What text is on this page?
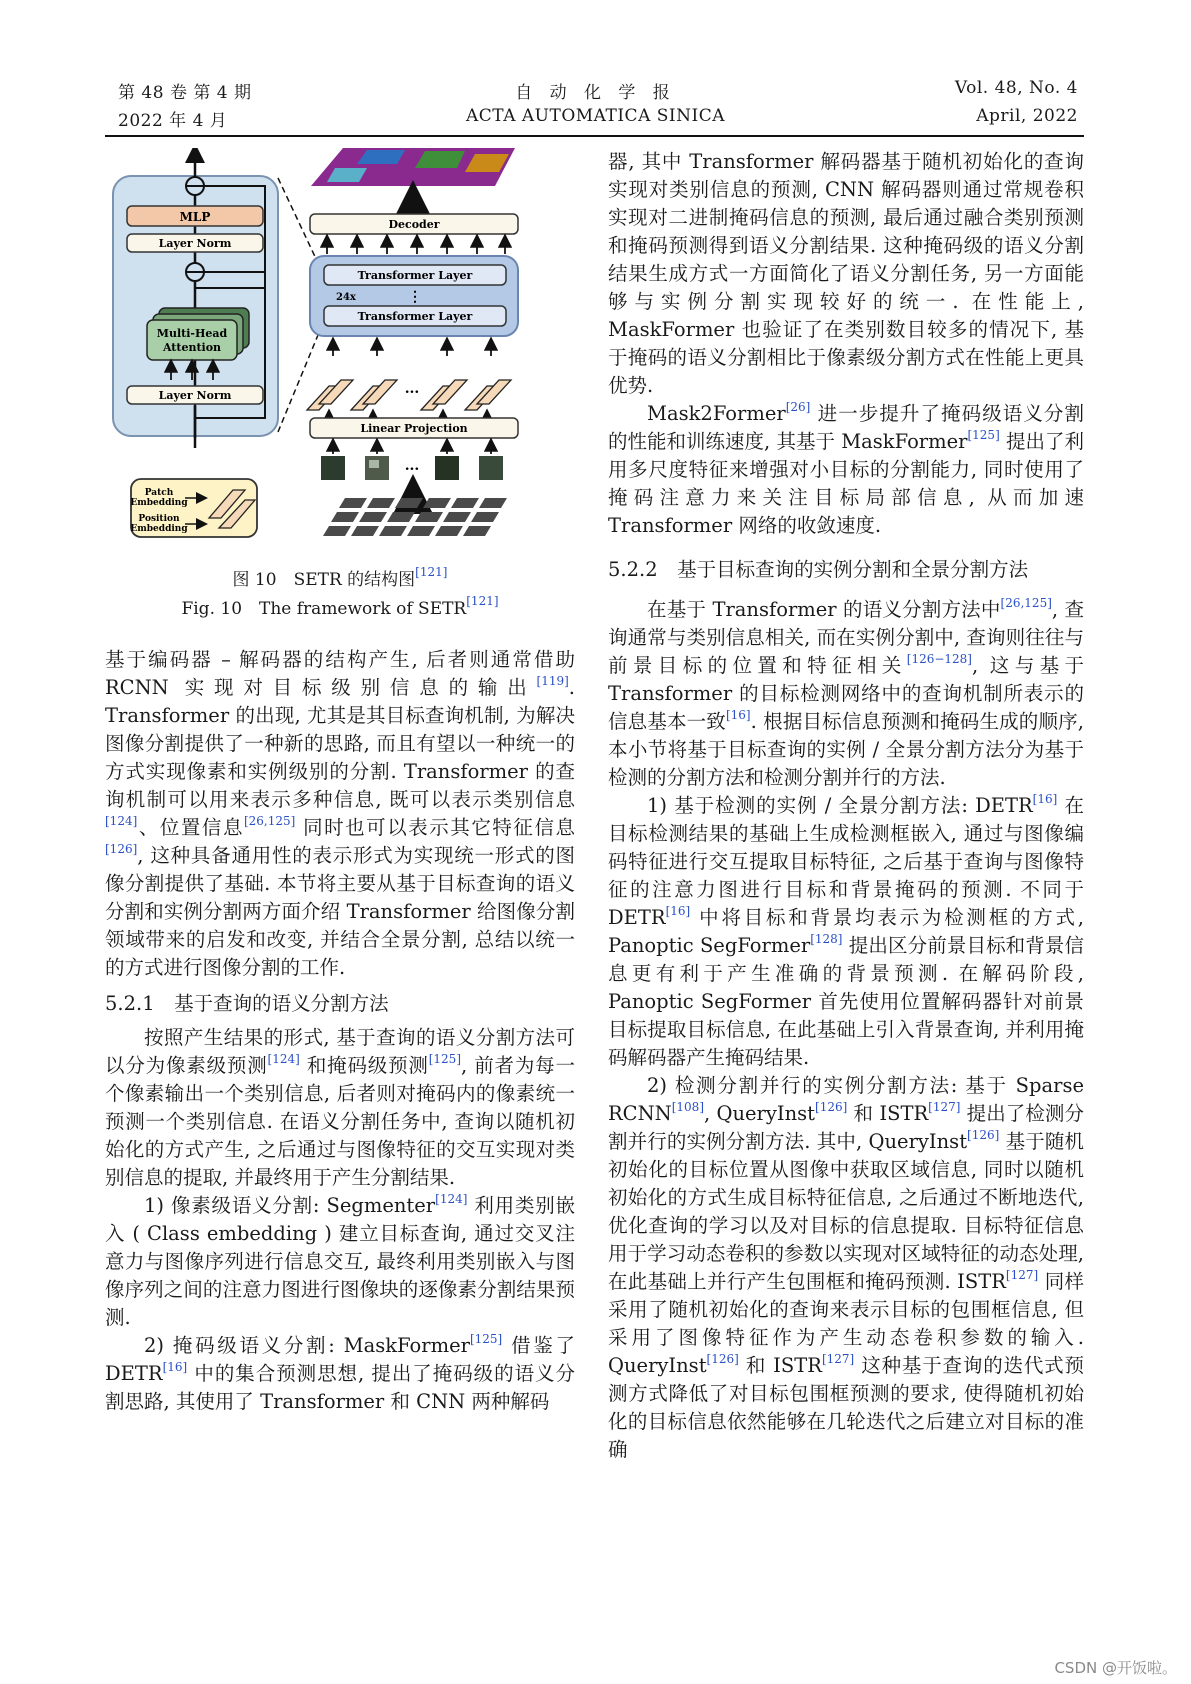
第 48 卷 第 4 期
2022 年 4 月
自 动 化 学 报
ACTA AUTOMATICA SINICA
Vol. 48, No. 4
April, 2022
MLP
Layer Norm
Multi-Head
Attention
Layer Norm
Decoder
Transformer Layer
24x	⋮
Transformer Layer
...
Linear Projection
...
Patch
Embedding
Position
Embedding
图 10　SETR 的结构图[121]
Fig. 10　The framework of SETR[121]

基于编码器 – 解码器的结构产生, 后者则通常借助 RCNN 实现对目标级别信息的输出[119]. Transformer 的出现, 尤其是其目标查询机制, 为解决图像分割提供了一种新的思路, 而且有望以一种统一的方式实现像素和实例级别的分割. Transformer 的查询机制可以用来表示多种信息, 既可以表示类别信息[124]、位置信息[26,125] 同时也可以表示其它特征信息[126], 这种具备通用性的表示形式为实现统一形式的图像分割提供了基础. 本节将主要从基于目标查询的语义分割和实例分割两方面介绍 Transformer 给图像分割领域带来的启发和改变, 并结合全景分割, 总结以统一的方式进行图像分割的工作.

5.2.1　基于查询的语义分割方法

按照产生结果的形式, 基于查询的语义分割方法可以分为像素级预测[124] 和掩码级预测[125], 前者为每一个像素输出一个类别信息, 后者则对掩码内的像素统一预测一个类别信息. 在语义分割任务中, 查询以随机初始化的方式产生, 之后通过与图像特征的交互实现对类别信息的提取, 并最终用于产生分割结果.

1) 像素级语义分割: Segmenter[124] 利用类别嵌入 ( Class embedding ) 建立目标查询, 通过交叉注意力与图像序列进行信息交互, 最终利用类别嵌入与图像序列之间的注意力图进行图像块的逐像素分割结果预测.

2) 掩码级语义分割: MaskFormer[125] 借鉴了 DETR[16] 中的集合预测思想, 提出了掩码级的语义分割思路, 其使用了 Transformer 和 CNN 两种解码

器, 其中 Transformer 解码器基于随机初始化的查询实现对类别信息的预测, CNN 解码器则通过常规卷积实现对二进制掩码信息的预测, 最后通过融合类别预测和掩码预测得到语义分割结果. 这种掩码级的语义分割结果生成方式一方面简化了语义分割任务, 另一方面能够与实例分割实现较好的统一. 在性能上, MaskFormer 也验证了在类别数目较多的情况下, 基于掩码的语义分割相比于像素级分割方式在性能上更具优势.

Mask2Former[26] 进一步提升了掩码级语义分割的性能和训练速度, 其基于 MaskFormer[125] 提出了利用多尺度特征来增强对小目标的分割能力, 同时使用了掩码注意力来关注目标局部信息, 从而加速 Transformer 网络的收敛速度.

5.2.2　基于目标查询的实例分割和全景分割方法

在基于 Transformer 的语义分割方法中[26,125], 查询通常与类别信息相关, 而在实例分割中, 查询则往往与前景目标的位置和特征相关[126−128], 这与基于 Transformer 的目标检测网络中的查询机制所表示的信息基本一致[16]. 根据目标信息预测和掩码生成的顺序, 本小节将基于目标查询的实例 / 全景分割方法分为基于检测的分割方法和检测分割并行的方法.

1) 基于检测的实例 / 全景分割方法: DETR[16] 在目标检测结果的基础上生成检测框嵌入, 通过与图像编码特征进行交互提取目标特征, 之后基于查询与图像特征的注意力图进行目标和背景掩码的预测. 不同于 DETR[16] 中将目标和背景均表示为检测框的方式, Panoptic SegFormer[128] 提出区分前景目标和背景信息更有利于产生准确的背景预测. 在解码阶段, Panoptic SegFormer 首先使用位置解码器针对前景目标提取目标信息, 在此基础上引入背景查询, 并利用掩码解码器产生掩码结果.

2) 检测分割并行的实例分割方法: 基于 Sparse RCNN[108], QueryInst[126] 和 ISTR[127] 提出了检测分割并行的实例分割方法. 其中, QueryInst[126] 基于随机初始化的目标位置从图像中获取区域信息, 同时以随机初始化的方式生成目标特征信息, 之后通过不断地迭代, 优化查询的学习以及对目标的信息提取. 目标特征信息用于学习动态卷积的参数以实现对区域特征的动态处理, 在此基础上并行产生包围框和掩码预测. ISTR[127] 同样采用了随机初始化的查询来表示目标的包围框信息, 但采用了图像特征作为产生动态卷积参数的输入. QueryInst[126] 和 ISTR[127] 这种基于查询的迭代式预测方式降低了对目标包围框预测的要求, 使得随机初始化的目标信息依然能够在几轮迭代之后建立对目标的准确

CSDN @开饭啦。
